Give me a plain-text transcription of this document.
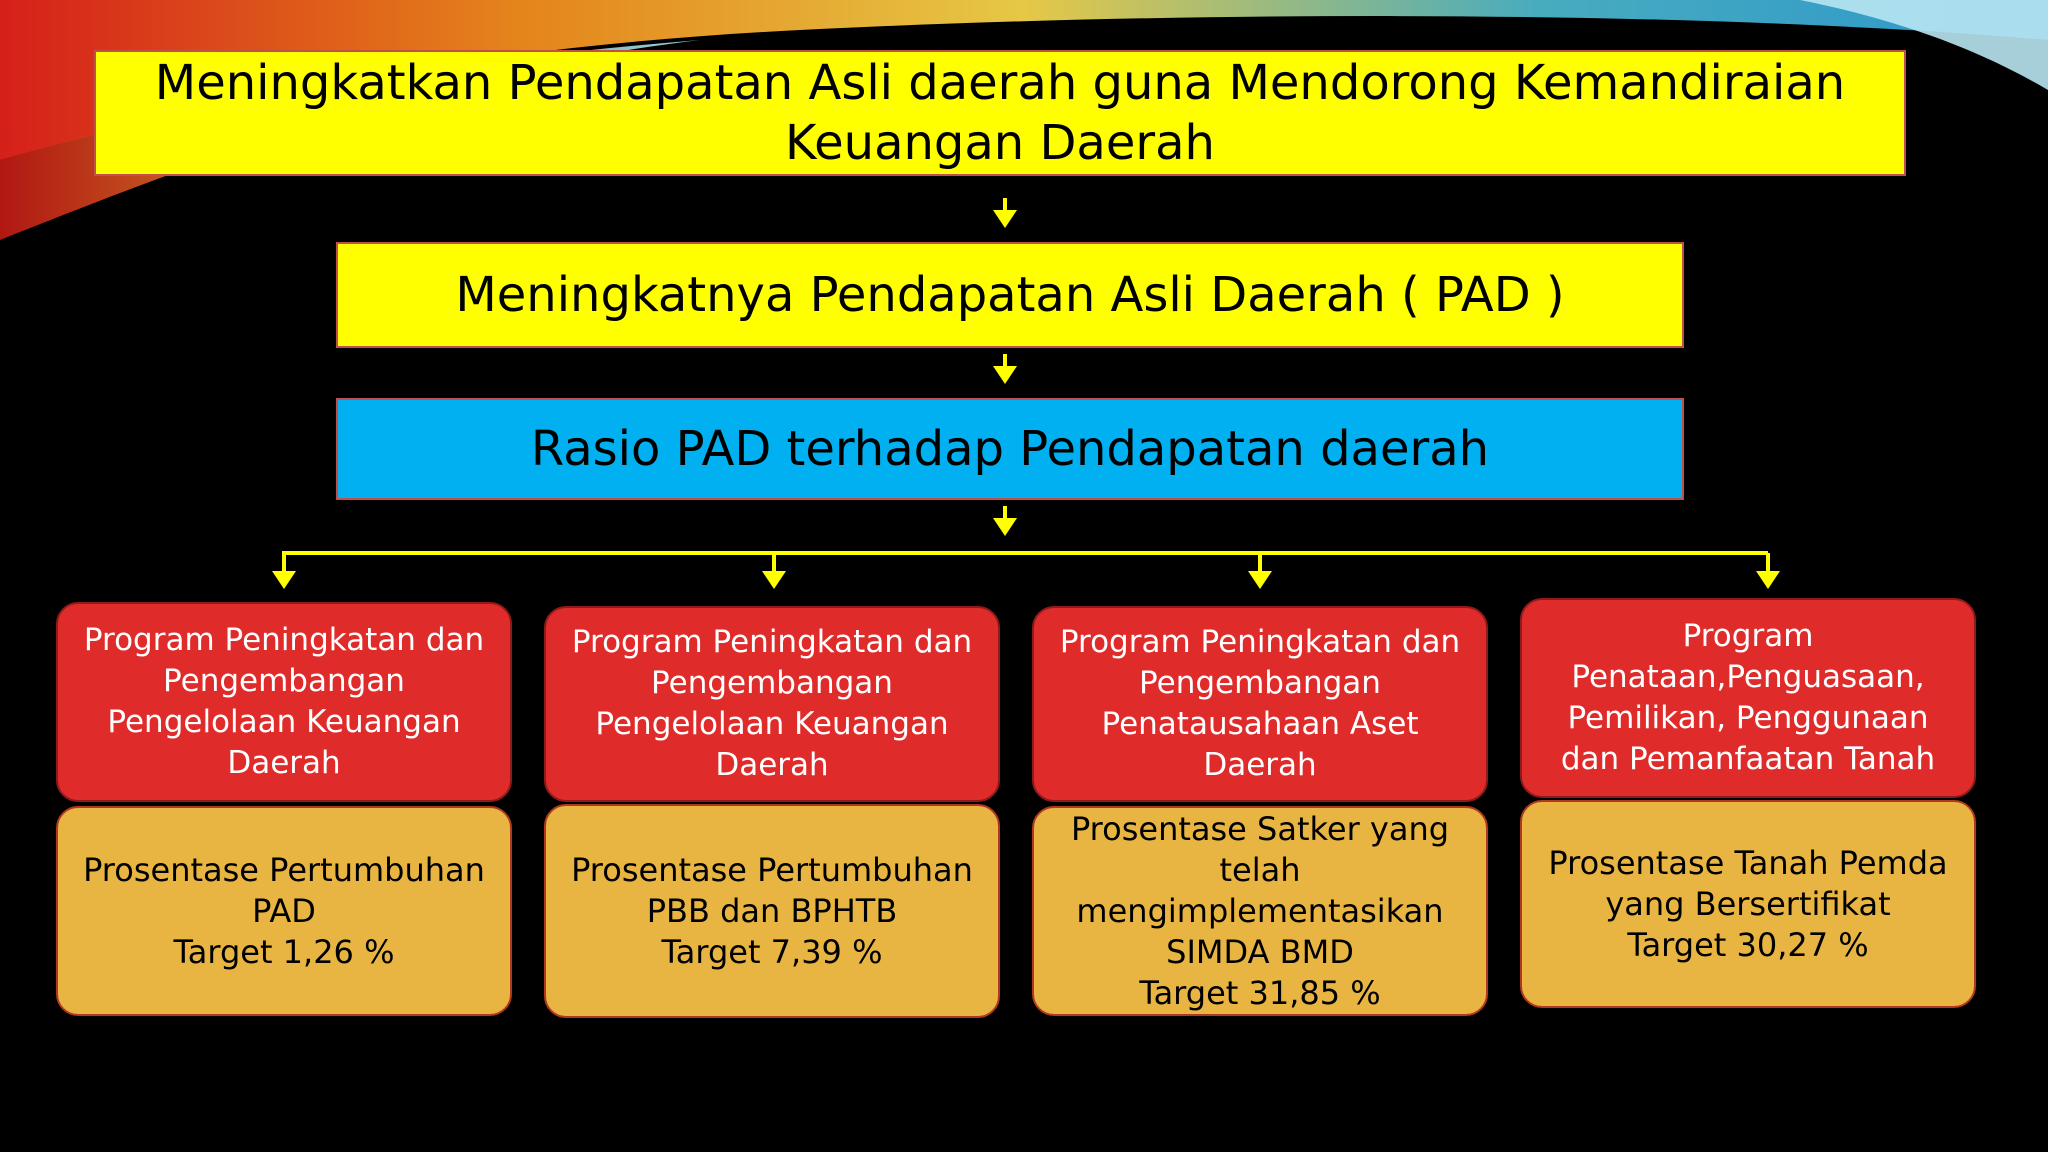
Meningkatkan Pendapatan Asli daerah guna Mendorong Kemandiraian Keuangan Daerah
Meningkatnya Pendapatan Asli Daerah ( PAD )
Rasio PAD terhadap Pendapatan daerah
Program Peningkatan dan
Pengembangan
Pengelolaan Keuangan
Daerah
Program Peningkatan dan
Pengembangan
Pengelolaan Keuangan
Daerah
Program Peningkatan dan
Pengembangan
Penatausahaan Aset
Daerah
Program
Penataan,Penguasaan,
Pemilikan, Penggunaan
dan Pemanfaatan Tanah
Prosentase Pertumbuhan
PAD
Target 1,26 %
Prosentase Pertumbuhan
PBB dan BPHTB
Target 7,39 %
Prosentase Satker yang
telah
mengimplementasikan
SIMDA BMD
Target 31,85 %
Prosentase Tanah Pemda
yang Bersertifikat
Target 30,27 %
